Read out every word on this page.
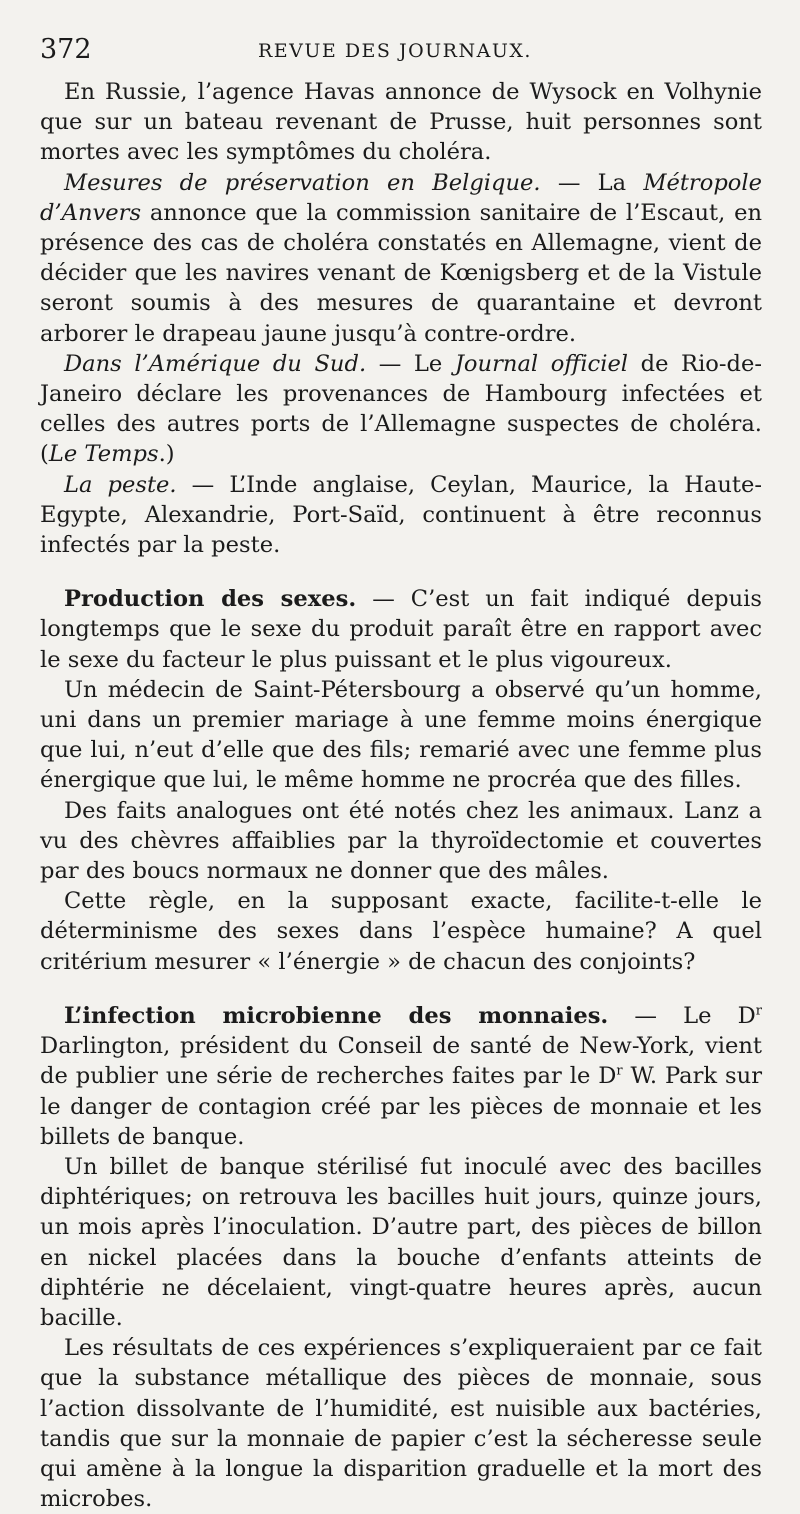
372	REVUE DES JOURNAUX.

En Russie, l’agence Havas annonce de Wysock en Volhynie que sur un bateau revenant de Prusse, huit personnes sont mortes avec les symptômes du choléra.

Mesures de préservation en Belgique. — La Métropole d’Anvers annonce que la commission sanitaire de l’Escaut, en présence des cas de choléra constatés en Allemagne, vient de décider que les navires venant de Kœnigsberg et de la Vistule seront soumis à des mesures de quarantaine et devront arborer le drapeau jaune jusqu’à contre-ordre.

Dans l’Amérique du Sud. — Le Journal officiel de Rio-de-Janeiro déclare les provenances de Hambourg infectées et celles des autres ports de l’Allemagne suspectes de choléra. (Le Temps.)

La peste. — L’Inde anglaise, Ceylan, Maurice, la Haute-Egypte, Alexandrie, Port-Saïd, continuent à être reconnus infectés par la peste.

Production des sexes. — C’est un fait indiqué depuis longtemps que le sexe du produit paraît être en rapport avec le sexe du facteur le plus puissant et le plus vigoureux.

Un médecin de Saint-Pétersbourg a observé qu’un homme, uni dans un premier mariage à une femme moins énergique que lui, n’eut d’elle que des fils; remarié avec une femme plus énergique que lui, le même homme ne procréa que des filles.

Des faits analogues ont été notés chez les animaux. Lanz a vu des chèvres affaiblies par la thyroïdectomie et couvertes par des boucs normaux ne donner que des mâles.

Cette règle, en la supposant exacte, facilite-t-elle le déterminisme des sexes dans l’espèce humaine? A quel critérium mesurer « l’énergie » de chacun des conjoints?

L’infection microbienne des monnaies. — Le $D^r$ Darlington, président du Conseil de santé de New-York, vient de publier une série de recherches faites par le $D^r$ W. Park sur le danger de contagion créé par les pièces de monnaie et les billets de banque.

Un billet de banque stérilisé fut inoculé avec des bacilles diphtériques; on retrouva les bacilles huit jours, quinze jours, un mois après l’inoculation. D’autre part, des pièces de billon en nickel placées dans la bouche d’enfants atteints de diphtérie ne décelaient, vingt-quatre heures après, aucun bacille.

Les résultats de ces expériences s’expliqueraient par ce fait que la substance métallique des pièces de monnaie, sous l’action dissolvante de l’humidité, est nuisible aux bactéries, tandis que sur la monnaie de papier c’est la sécheresse seule qui amène à la longue la disparition graduelle et la mort des microbes.
